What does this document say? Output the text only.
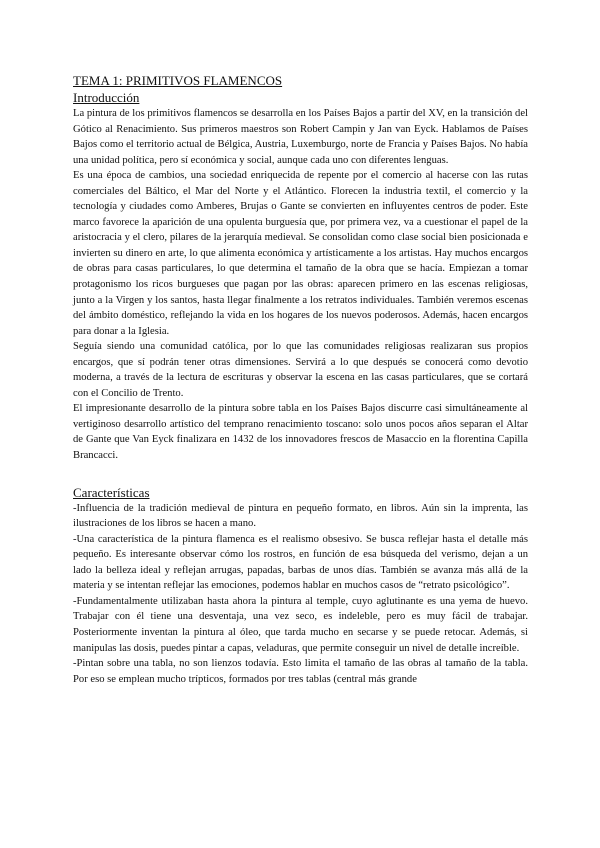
TEMA 1: PRIMITIVOS FLAMENCOS
Introducción

La pintura de los primitivos flamencos se desarrolla en los Países Bajos a partir del XV, en la transición del Gótico al Renacimiento. Sus primeros maestros son Robert Campin y Jan van Eyck. Hablamos de Países Bajos como el territorio actual de Bélgica, Austria, Luxemburgo, norte de Francia y Países Bajos. No había una unidad política, pero sí económica y social, aunque cada uno con diferentes lenguas.

Es una época de cambios, una sociedad enriquecida de repente por el comercio al hacerse con las rutas comerciales del Báltico, el Mar del Norte y el Atlántico. Florecen la industria textil, el comercio y la tecnología y ciudades como Amberes, Brujas o Gante se convierten en influyentes centros de poder. Este marco favorece la aparición de una opulenta burguesía que, por primera vez, va a cuestionar el papel de la aristocracia y el clero, pilares de la jerarquía medieval. Se consolidan como clase social bien posicionada e invierten su dinero en arte, lo que alimenta económica y artísticamente a los artistas. Hay muchos encargos de obras para casas particulares, lo que determina el tamaño de la obra que se hacía. Empiezan a tomar protagonismo los ricos burgueses que pagan por las obras: aparecen primero en las escenas religiosas, junto a la Virgen y los santos, hasta llegar finalmente a los retratos individuales. También veremos escenas del ámbito doméstico, reflejando la vida en los hogares de los nuevos poderosos. Además, hacen encargos para donar a la Iglesia.

Seguía siendo una comunidad católica, por lo que las comunidades religiosas realizaran sus propios encargos, que sí podrán tener otras dimensiones. Servirá a lo que después se conocerá como devotio moderna, a través de la lectura de escrituras y observar la escena en las casas particulares, que se cortará con el Concilio de Trento.

El impresionante desarrollo de la pintura sobre tabla en los Países Bajos discurre casi simultáneamente al vertiginoso desarrollo artístico del temprano renacimiento toscano: solo unos pocos años separan el Altar de Gante que Van Eyck finalizara en 1432 de los innovadores frescos de Masaccio en la florentina Capilla Brancacci.

Características

-Influencia de la tradición medieval de pintura en pequeño formato, en libros. Aún sin la imprenta, las ilustraciones de los libros se hacen a mano.

-Una característica de la pintura flamenca es el realismo obsesivo. Se busca reflejar hasta el detalle más pequeño. Es interesante observar cómo los rostros, en función de esa búsqueda del verismo, dejan a un lado la belleza ideal y reflejan arrugas, papadas, barbas de unos días. También se avanza más allá de la materia y se intentan reflejar las emociones, podemos hablar en muchos casos de “retrato psicológico”.

-Fundamentalmente utilizaban hasta ahora la pintura al temple, cuyo aglutinante es una yema de huevo. Trabajar con él tiene una desventaja, una vez seco, es indeleble, pero es muy fácil de trabajar. Posteriormente inventan la pintura al óleo, que tarda mucho en secarse y se puede retocar. Además, si manipulas las dosis, puedes pintar a capas, veladuras, que permite conseguir un nivel de detalle increíble.

-Pintan sobre una tabla, no son lienzos todavía. Esto limita el tamaño de las obras al tamaño de la tabla. Por eso se emplean mucho trípticos, formados por tres tablas (central más grande
